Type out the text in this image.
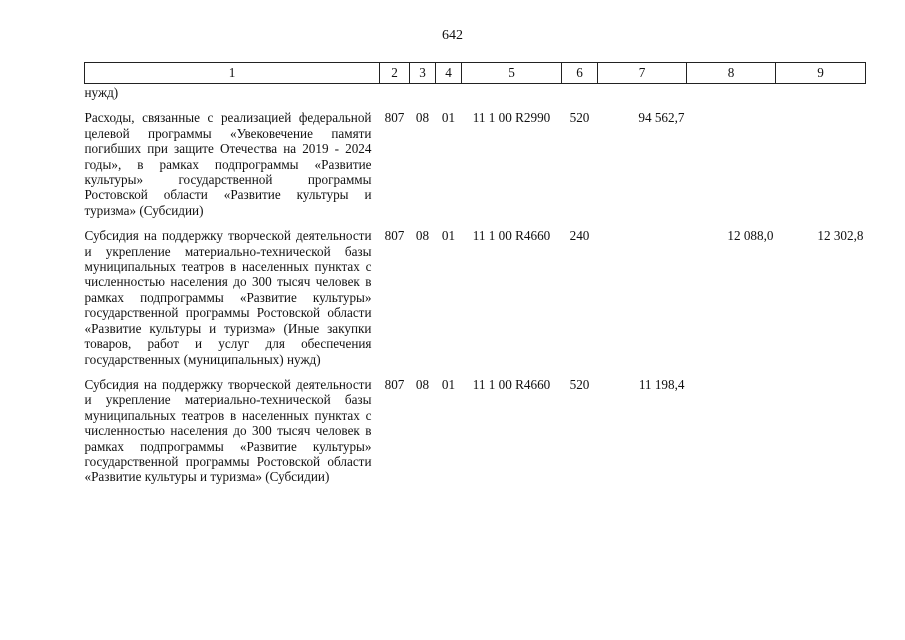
642
1	2	3	4	5	6	7	8	9
нужд)								

Расходы, связанные с реализацией федеральной целевой программы «Увековечение памяти погибших при защите Отечества на 2019 - 2024 годы», в рамках подпрограммы «Развитие культуры» государственной программы Ростовской области «Развитие культуры и туризма» (Субсидии)	807	08	01	11 1 00 R2990	520	94 562,7		

Субсидия на поддержку творческой деятельности и укрепление материально-технической базы муниципальных театров в населенных пунктах с численностью населения до 300 тысяч человек в рамках подпрограммы «Развитие культуры» государственной программы Ростовской области «Развитие культуры и туризма» (Иные закупки товаров, работ и услуг для обеспечения государственных (муниципальных) нужд)	807	08	01	11 1 00 R4660	240		12 088,0	12 302,8

Субсидия на поддержку творческой деятельности и укрепление материально-технической базы муниципальных театров в населенных пунктах с численностью населения до 300 тысяч человек в рамках подпрограммы «Развитие культуры» государственной программы Ростовской области «Развитие культуры и туризма» (Субсидии)	807	08	01	11 1 00 R4660	520	11 198,4		
